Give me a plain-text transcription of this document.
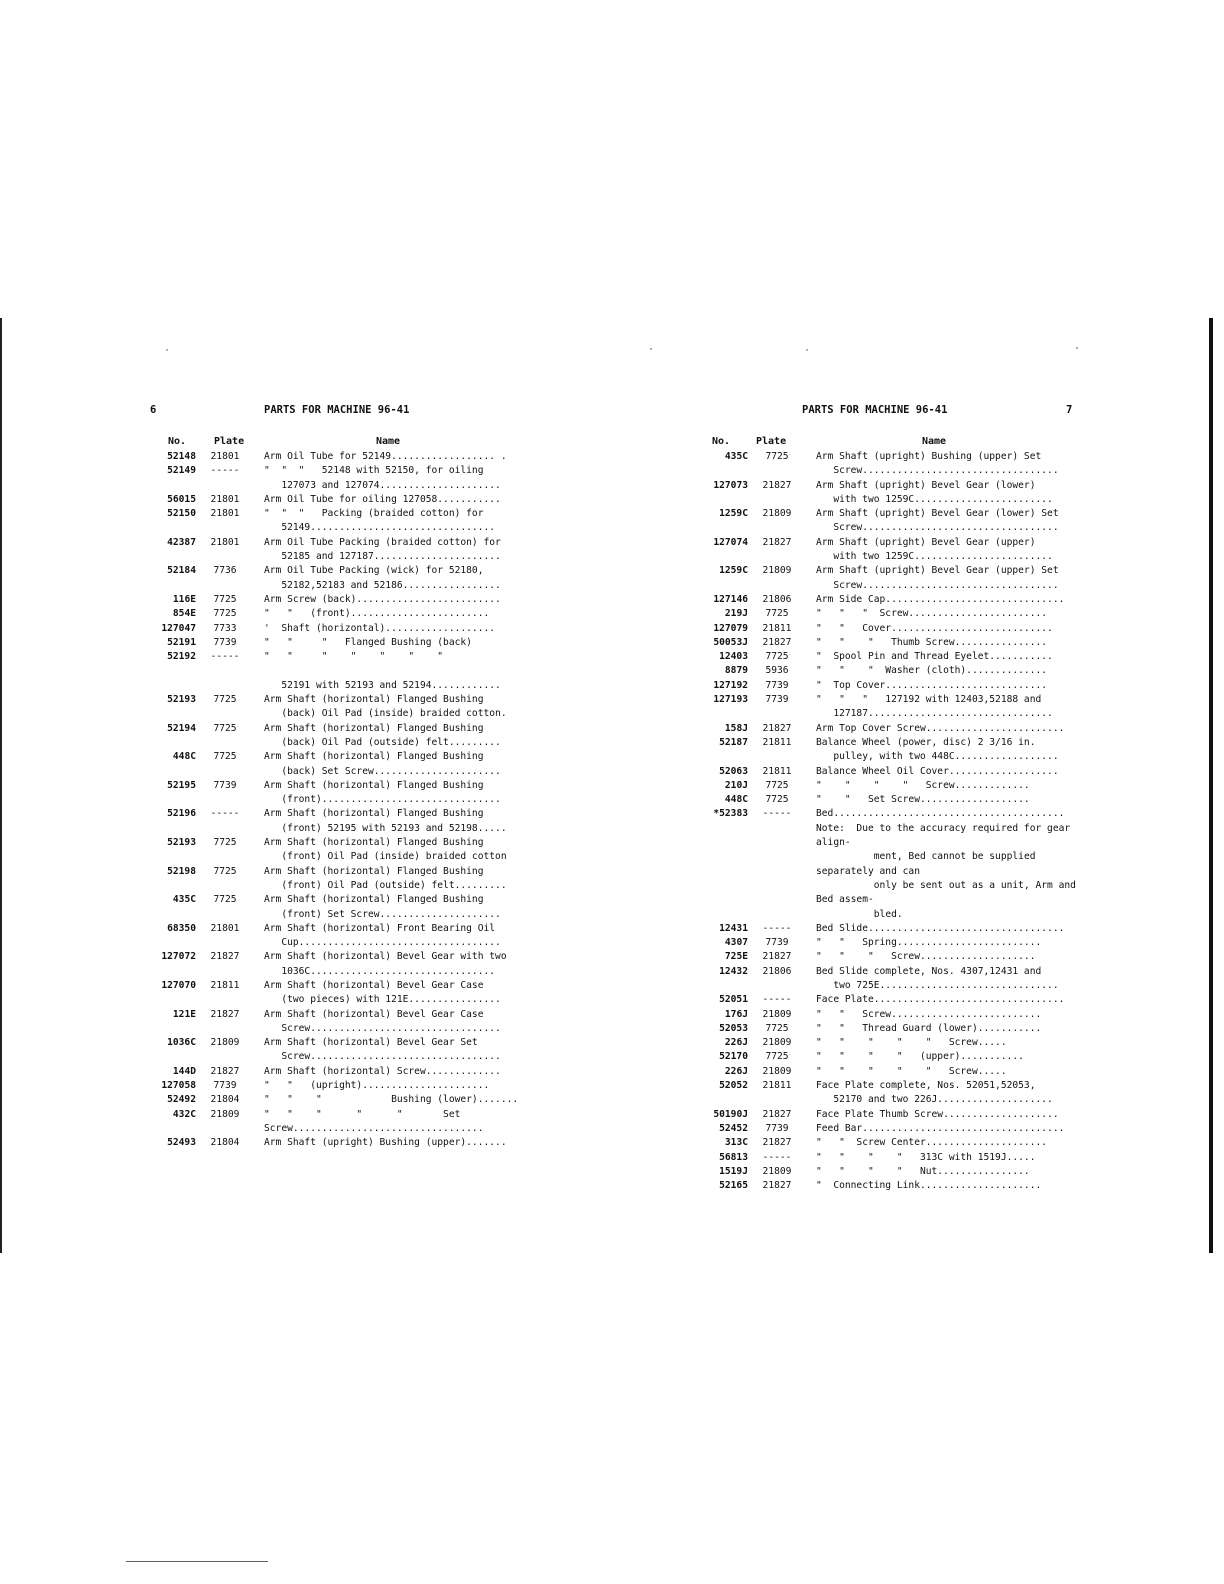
6	PARTS FOR MACHINE 96-41
No.	Plate	Name
52148	21801	Arm Oil Tube for 52149.................. .
52149	-----	"  "  "   52148 with 52150, for oiling
127073 and 127074.....................
56015	21801	Arm Oil Tube for oiling 127058...........
52150	21801	"  "  "   Packing (braided cotton) for
52149................................
42387	21801	Arm Oil Tube Packing (braided cotton) for
52185 and 127187......................
52184	7736	Arm Oil Tube Packing (wick) for 52180,
52182,52183 and 52186.................
116E	7725	Arm Screw (back).........................
854E	7725	"   "   (front)........................
127047	7733	'  Shaft (horizontal)...................
52191	7739	"   "     "   Flanged Bushing (back)
52192	-----	"   "     "    "    "    "    "

52191 with 52193 and 52194............
52193	7725	Arm Shaft (horizontal) Flanged Bushing
(back) Oil Pad (inside) braided cotton.
52194	7725	Arm Shaft (horizontal) Flanged Bushing
(back) Oil Pad (outside) felt.........
448C	7725	Arm Shaft (horizontal) Flanged Bushing
(back) Set Screw......................
52195	7739	Arm Shaft (horizontal) Flanged Bushing
(front)...............................
52196	-----	Arm Shaft (horizontal) Flanged Bushing
(front) 52195 with 52193 and 52198.....
52193	7725	Arm Shaft (horizontal) Flanged Bushing
(front) Oil Pad (inside) braided cotton
52198	7725	Arm Shaft (horizontal) Flanged Bushing
(front) Oil Pad (outside) felt.........
435C	7725	Arm Shaft (horizontal) Flanged Bushing
(front) Set Screw.....................
68350	21801	Arm Shaft (horizontal) Front Bearing Oil
Cup...................................
127072	21827	Arm Shaft (horizontal) Bevel Gear with two
1036C................................
127070	21811	Arm Shaft (horizontal) Bevel Gear Case
(two pieces) with 121E................
121E	21827	Arm Shaft (horizontal) Bevel Gear Case
Screw.................................
1036C	21809	Arm Shaft (horizontal) Bevel Gear Set
Screw.................................
144D	21827	Arm Shaft (horizontal) Screw.............
127058	7739	"   "   (upright)......................
52492	21804	"   "    "            Bushing (lower).......
432C	21809	"   "    "      "      "       Set
Screw.................................
52493	21804	Arm Shaft (upright) Bushing (upper).......
PARTS FOR MACHINE 96-41	7
No.	Plate	Name
435C	7725	Arm Shaft (upright) Bushing (upper) Set
Screw..................................
127073	21827	Arm Shaft (upright) Bevel Gear (lower)
with two 1259C........................
1259C	21809	Arm Shaft (upright) Bevel Gear (lower) Set
Screw..................................
127074	21827	Arm Shaft (upright) Bevel Gear (upper)
with two 1259C........................
1259C	21809	Arm Shaft (upright) Bevel Gear (upper) Set
Screw..................................
127146	21806	Arm Side Cap...............................
219J	7725	"   "   "  Screw........................
127079	21811	"   "   Cover............................
50053J	21827	"   "    "   Thumb Screw................
12403	7725	"  Spool Pin and Thread Eyelet...........
8879	5936	"   "    "  Washer (cloth)..............
127192	7739	"  Top Cover............................
127193	7739	"   "   "   127192 with 12403,52188 and
127187................................
158J	21827	Arm Top Cover Screw........................
52187	21811	Balance Wheel (power, disc) 2 3/16 in.
pulley, with two 448C..................
52063	21811	Balance Wheel Oil Cover...................
210J	7725	"    "    "    "   Screw.............
448C	7725	"    "   Set Screw...................
*52383	-----	Bed........................................
Note:  Due to the accuracy required for gear align-
ment, Bed cannot be supplied separately and can
only be sent out as a unit, Arm and Bed assem-
bled.
12431	-----	Bed Slide..................................
4307	7739	"   "   Spring.........................
725E	21827	"   "    "   Screw....................
12432	21806	Bed Slide complete, Nos. 4307,12431 and
two 725E...............................
52051	-----	Face Plate.................................
176J	21809	"   "   Screw..........................
52053	7725	"   "   Thread Guard (lower)...........
226J	21809	"   "    "    "    "   Screw.....
52170	7725	"   "    "    "   (upper)...........
226J	21809	"   "    "    "    "   Screw.....
52052	21811	Face Plate complete, Nos. 52051,52053,
52170 and two 226J....................
50190J	21827	Face Plate Thumb Screw....................
52452	7739	Feed Bar...................................
313C	21827	"   "  Screw Center.....................
56813	-----	"   "    "    "   313C with 1519J.....
1519J	21809	"   "    "    "   Nut................
52165	21827	"  Connecting Link.....................
